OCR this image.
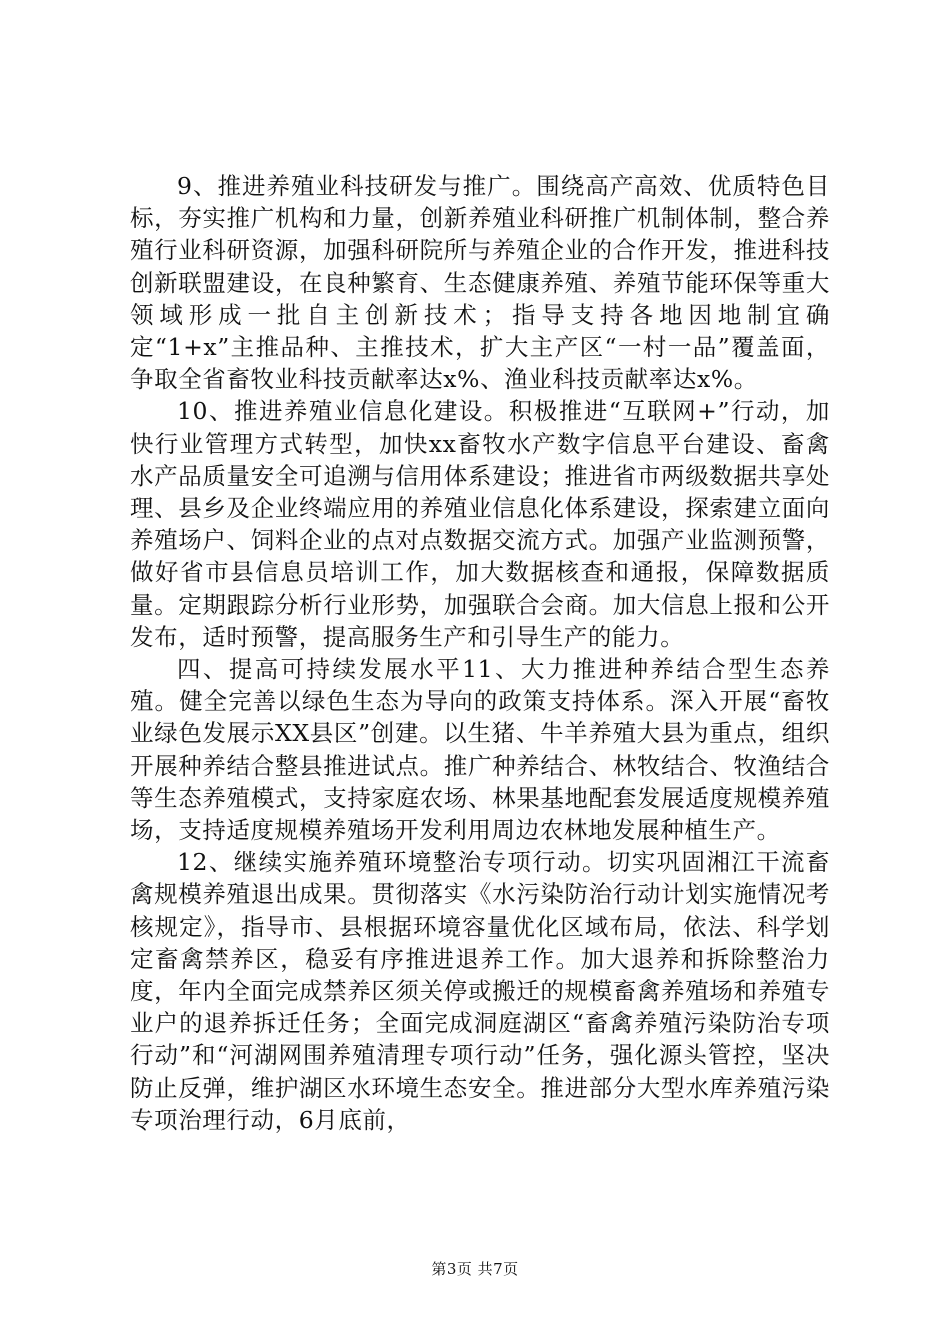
9、推进养殖业科技研发与推广。围绕高产高效、优质特色目标，夯实推广机构和力量，创新养殖业科研推广机制体制，整合养殖行业科研资源，加强科研院所与养殖企业的合作开发，推进科技创新联盟建设，在良种繁育、生态健康养殖、养殖节能环保等重大领域形成一批自主创新技术；指导支持各地因地制宜确定“1+x”主推品种、主推技术，扩大主产区“一村一品”覆盖面，争取全省畜牧业科技贡献率达x%、渔业科技贡献率达x%。

10、推进养殖业信息化建设。积极推进“互联网+”行动，加快行业管理方式转型，加快xx畜牧水产数字信息平台建设、畜禽水产品质量安全可追溯与信用体系建设；推进省市两级数据共享处理、县乡及企业终端应用的养殖业信息化体系建设，探索建立面向养殖场户、饲料企业的点对点数据交流方式。加强产业监测预警，做好省市县信息员培训工作，加大数据核查和通报，保障数据质量。定期跟踪分析行业形势，加强联合会商。加大信息上报和公开发布，适时预警，提高服务生产和引导生产的能力。

四、提高可持续发展水平11、大力推进种养结合型生态养殖。健全完善以绿色生态为导向的政策支持体系。深入开展“畜牧业绿色发展示XX县区”创建。以生猪、牛羊养殖大县为重点，组织开展种养结合整县推进试点。推广种养结合、林牧结合、牧渔结合等生态养殖模式，支持家庭农场、林果基地配套发展适度规模养殖场，支持适度规模养殖场开发利用周边农林地发展种植生产。

12、继续实施养殖环境整治专项行动。切实巩固湘江干流畜禽规模养殖退出成果。贯彻落实《水污染防治行动计划实施情况考核规定》，指导市、县根据环境容量优化区域布局，依法、科学划定畜禽禁养区，稳妥有序推进退养工作。加大退养和拆除整治力度，年内全面完成禁养区须关停或搬迁的规模畜禽养殖场和养殖专业户的退养拆迁任务；全面完成洞庭湖区“畜禽养殖污染防治专项行动”和“河湖网围养殖清理专项行动”任务，强化源头管控，坚决防止反弹，维护湖区水环境生态安全。推进部分大型水库养殖污染专项治理行动，6月底前，

第3页 共7页
